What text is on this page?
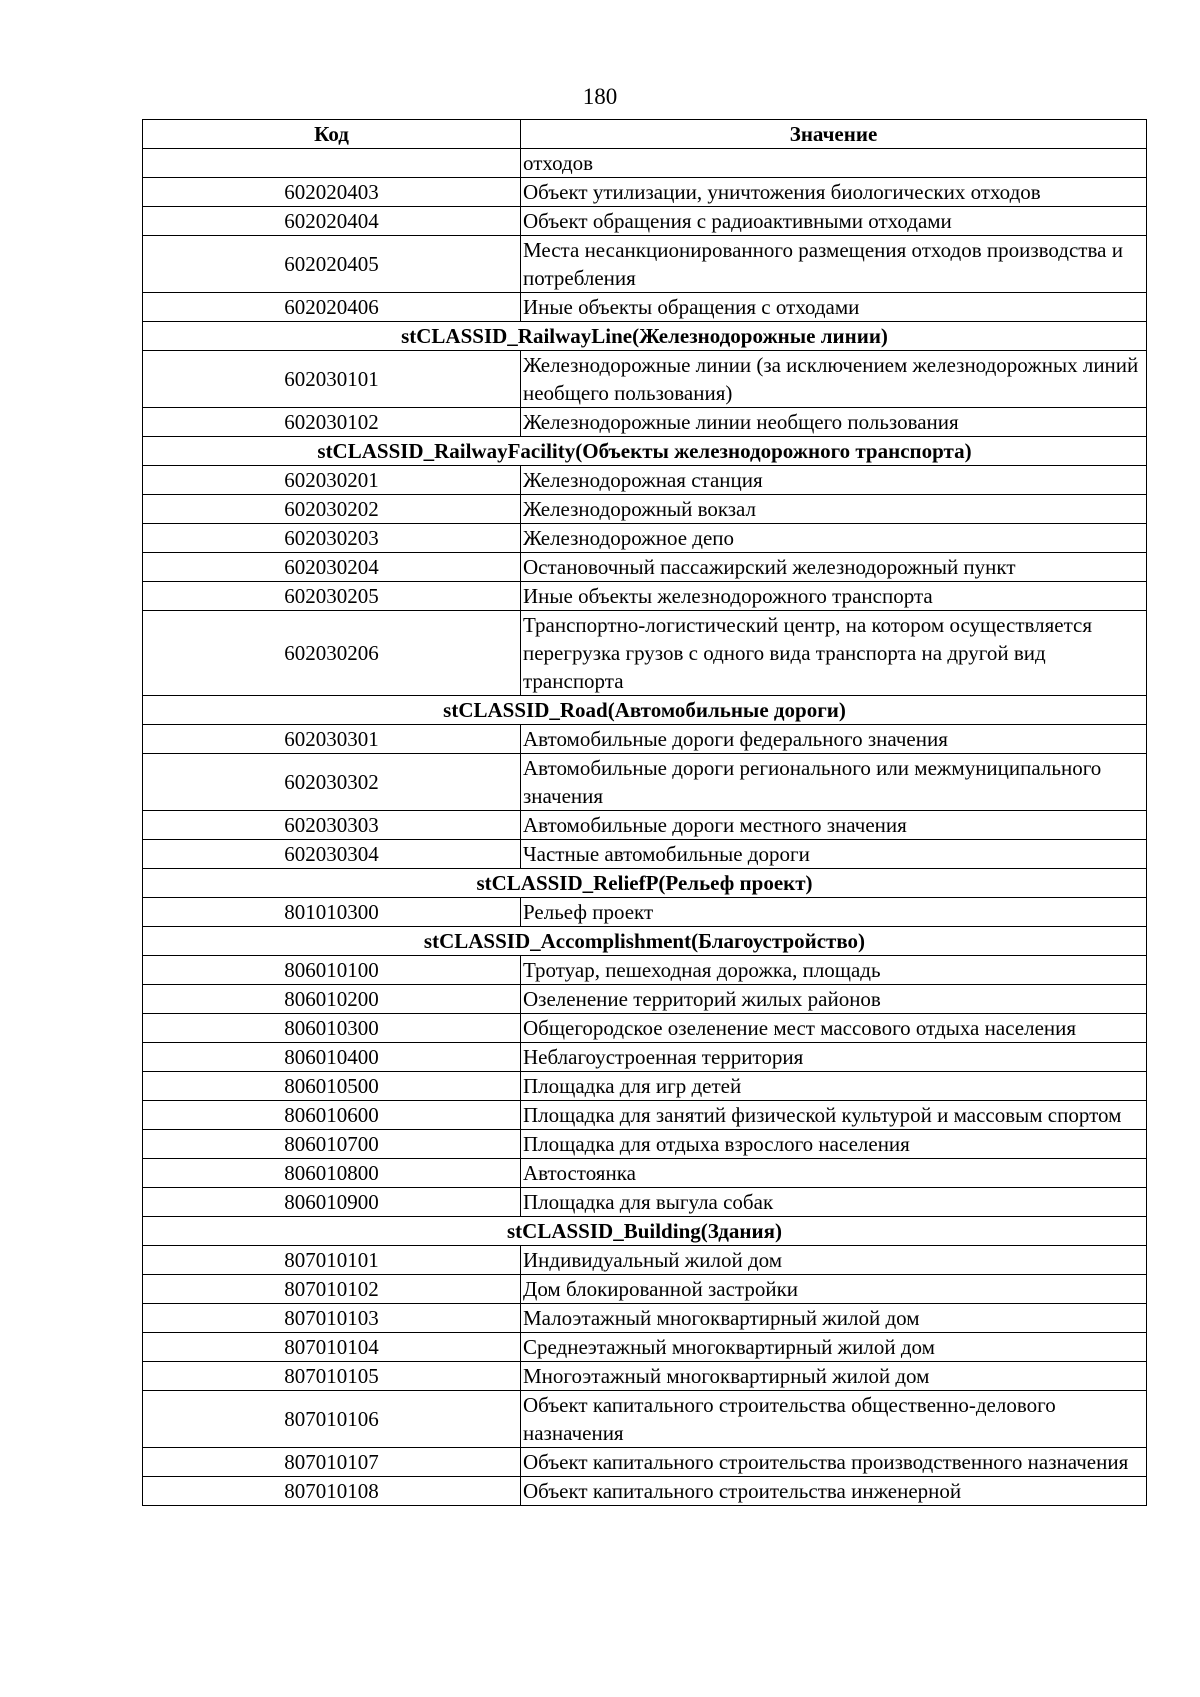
180
Код	Значение
	отходов
602020403	Объект утилизации, уничтожения биологических отходов
602020404	Объект обращения с радиоактивными отходами
602020405	Места несанкционированного размещения отходов производства и потребления
602020406	Иные объекты обращения с отходами
stCLASSID_RailwayLine(Железнодорожные линии)	
602030101	Железнодорожные линии (за исключением железнодорожных линий необщего пользования)
602030102	Железнодорожные линии необщего пользования
stCLASSID_RailwayFacility(Объекты железнодорожного транспорта)	
602030201	Железнодорожная станция
602030202	Железнодорожный вокзал
602030203	Железнодорожное депо
602030204	Остановочный пассажирский железнодорожный пункт
602030205	Иные объекты железнодорожного транспорта
602030206	Транспортно-логистический центр, на котором осуществляется перегрузка грузов с одного вида транспорта на другой вид транспорта
stCLASSID_Road(Автомобильные дороги)	
602030301	Автомобильные дороги федерального значения
602030302	Автомобильные дороги регионального или межмуниципального значения
602030303	Автомобильные дороги местного значения
602030304	Частные автомобильные дороги
stCLASSID_ReliefP(Рельеф проект)	
801010300	Рельеф проект
stCLASSID_Accomplishment(Благоустройство)	
806010100	Тротуар, пешеходная дорожка, площадь
806010200	Озеленение территорий жилых районов
806010300	Общегородское озеленение мест массового отдыха населения
806010400	Неблагоустроенная территория
806010500	Площадка для игр детей
806010600	Площадка для занятий физической культурой и массовым спортом
806010700	Площадка для отдыха взрослого населения
806010800	Автостоянка
806010900	Площадка для выгула собак
stCLASSID_Building(Здания)	
807010101	Индивидуальный жилой дом
807010102	Дом блокированной застройки
807010103	Малоэтажный многоквартирный жилой дом
807010104	Среднеэтажный многоквартирный жилой дом
807010105	Многоэтажный многоквартирный жилой дом
807010106	Объект капитального строительства общественно-делового назначения
807010107	Объект капитального строительства производственного назначения
807010108	Объект капитального строительства инженерной
